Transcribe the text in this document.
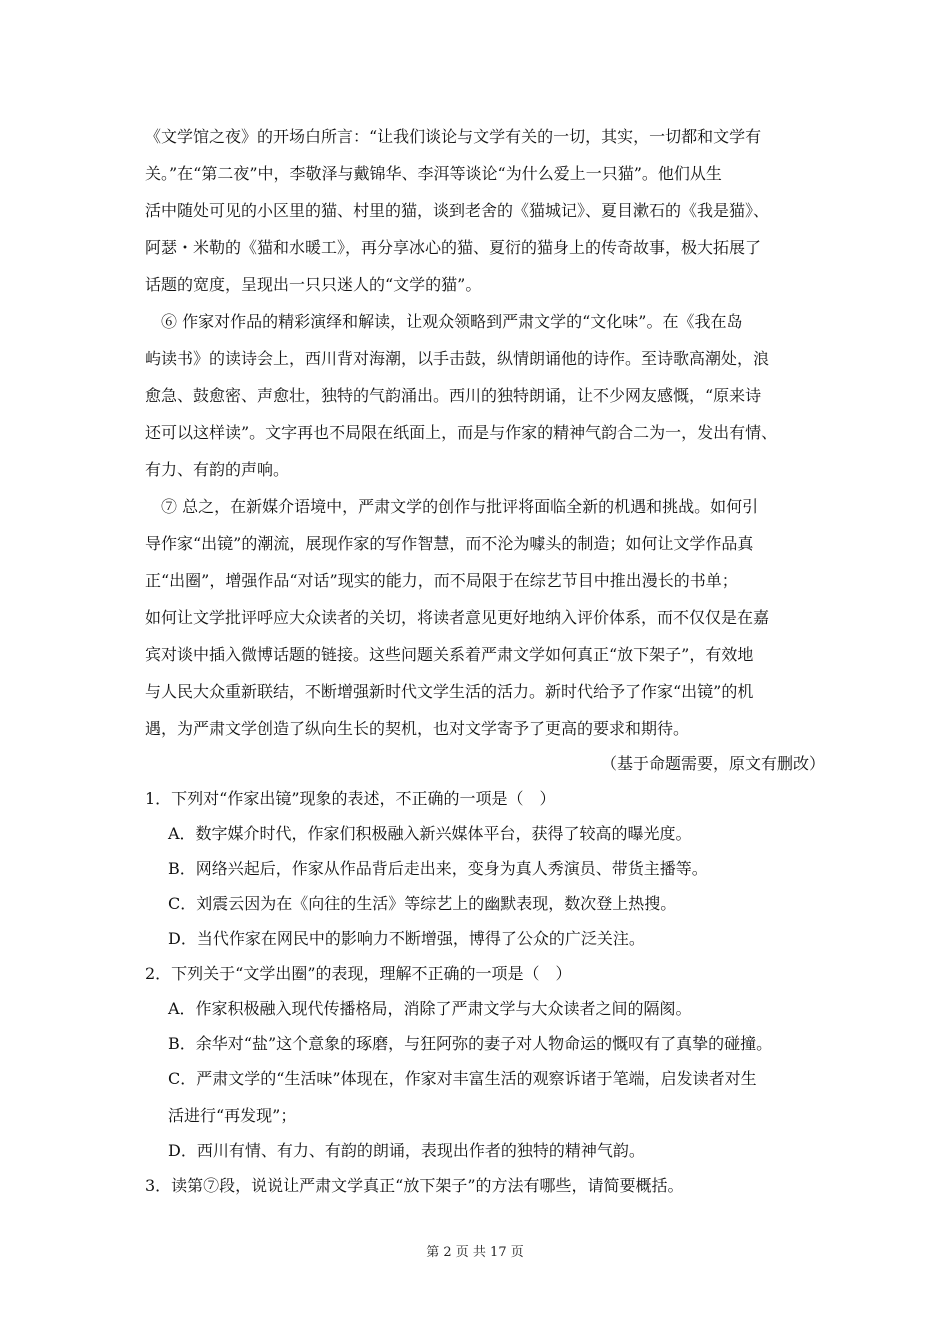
《文学馆之夜》的开场白所言：“让我们谈论与文学有关的一切，其实，一切都和文学有
关。”在“第二夜”中，李敬泽与戴锦华、李洱等谈论“为什么爱上一只猫”。他们从生
活中随处可见的小区里的猫、村里的猫，谈到老舍的《猫城记》、夏目漱石的《我是猫》、
阿瑟・米勒的《猫和水暖工》，再分享冰心的猫、夏衍的猫身上的传奇故事，极大拓展了
话题的宽度，呈现出一只只迷人的“文学的猫”。
　⑥ 作家对作品的精彩演绎和解读，让观众领略到严肃文学的“文化味”。在《我在岛
屿读书》的读诗会上，西川背对海潮，以手击鼓，纵情朗诵他的诗作。至诗歌高潮处，浪
愈急、鼓愈密、声愈壮，独特的气韵涌出。西川的独特朗诵，让不少网友感慨，“原来诗
还可以这样读”。文字再也不局限在纸面上，而是与作家的精神气韵合二为一，发出有情、
有力、有韵的声响。
　⑦ 总之，在新媒介语境中，严肃文学的创作与批评将面临全新的机遇和挑战。如何引
导作家“出镜”的潮流，展现作家的写作智慧，而不沦为噱头的制造；如何让文学作品真
正“出圈”，增强作品“对话”现实的能力，而不局限于在综艺节目中推出漫长的书单；
如何让文学批评呼应大众读者的关切，将读者意见更好地纳入评价体系，而不仅仅是在嘉
宾对谈中插入微博话题的链接。这些问题关系着严肃文学如何真正“放下架子”，有效地
与人民大众重新联结，不断增强新时代文学生活的活力。新时代给予了作家“出镜”的机
遇，为严肃文学创造了纵向生长的契机，也对文学寄予了更高的要求和期待。
（基于命题需要，原文有删改）
1．下列对“作家出镜”现象的表述，不正确的一项是（　）
A．数字媒介时代，作家们积极融入新兴媒体平台，获得了较高的曝光度。
B．网络兴起后，作家从作品背后走出来，变身为真人秀演员、带货主播等。
C．刘震云因为在《向往的生活》等综艺上的幽默表现，数次登上热搜。
D．当代作家在网民中的影响力不断增强，博得了公众的广泛关注。
2．下列关于“文学出圈”的表现，理解不正确的一项是（　）
A．作家积极融入现代传播格局，消除了严肃文学与大众读者之间的隔阂。
B．余华对“盐”这个意象的琢磨，与狂阿弥的妻子对人物命运的慨叹有了真挚的碰撞。
C．严肃文学的“生活味”体现在，作家对丰富生活的观察诉诸于笔端，启发读者对生
活进行“再发现”；
D．西川有情、有力、有韵的朗诵，表现出作者的独特的精神气韵。
3．读第⑦段，说说让严肃文学真正“放下架子”的方法有哪些，请简要概括。
第 2 页 共 17 页
